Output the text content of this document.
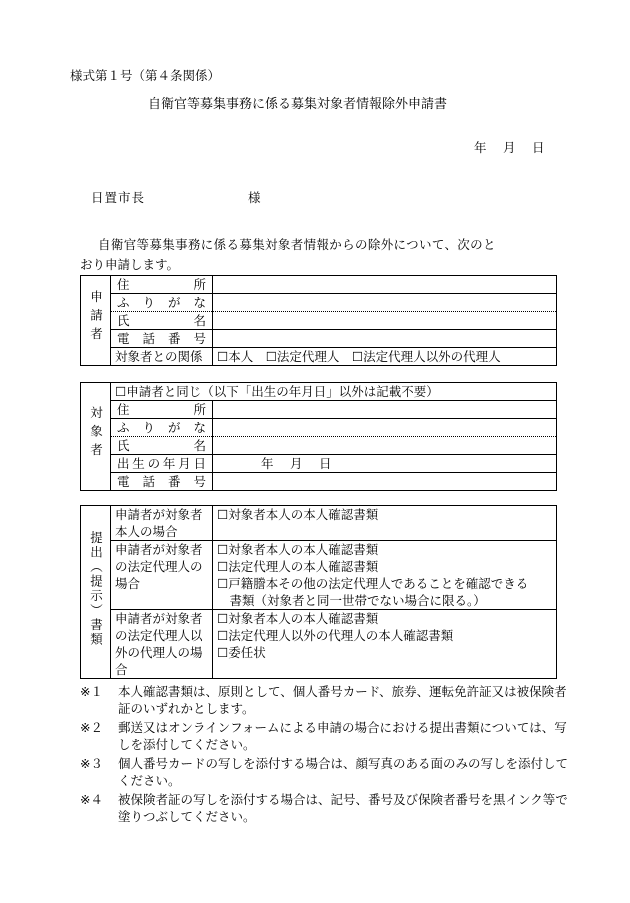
様式第１号（第４条関係）
自衛官等募集事務に係る募集対象者情報除外申請書
年　 月　 日
日置市長	様
自衛官等募集事務に係る募集対象者情報からの除外について、次のと
おり申請します。
申請者	住所	
	ふりがな	
	氏名	
	電話番号	
	対象者との関係	☐本人　☐法定代理人　☐法定代理人以外の代理人
対象者	☐申請者と同じ（以下「出生の年月日」以外は記載不要）	
	住所	
	ふりがな	
	氏名	
	出生の年月日	年　 月　 日
	電話番号	
提出（提示）書類	申請者が対象者本人の場合	☐対象者本人の本人確認書類

	申請者が対象者の法定代理人の場合	☐対象者本人の本人確認書類
☐法定代理人の本人確認書類
☐戸籍謄本その他の法定代理人であることを確認できる
　書類（対象者と同一世帯でない場合に限る。）

	申請者が対象者の法定代理人以外の代理人の場合	☐対象者本人の本人確認書類
☐法定代理人以外の代理人の本人確認書類
☐委任状
※１	本人確認書類は、原則として、個人番号カード、旅券、運転免許証又は被保険者証のいずれかとします。
※２	郵送又はオンラインフォームによる申請の場合における提出書類については、写しを添付してください。
※３	個人番号カードの写しを添付する場合は、顔写真のある面のみの写しを添付してください。
※４	被保険者証の写しを添付する場合は、記号、番号及び保険者番号を黒インク等で塗りつぶしてください。
